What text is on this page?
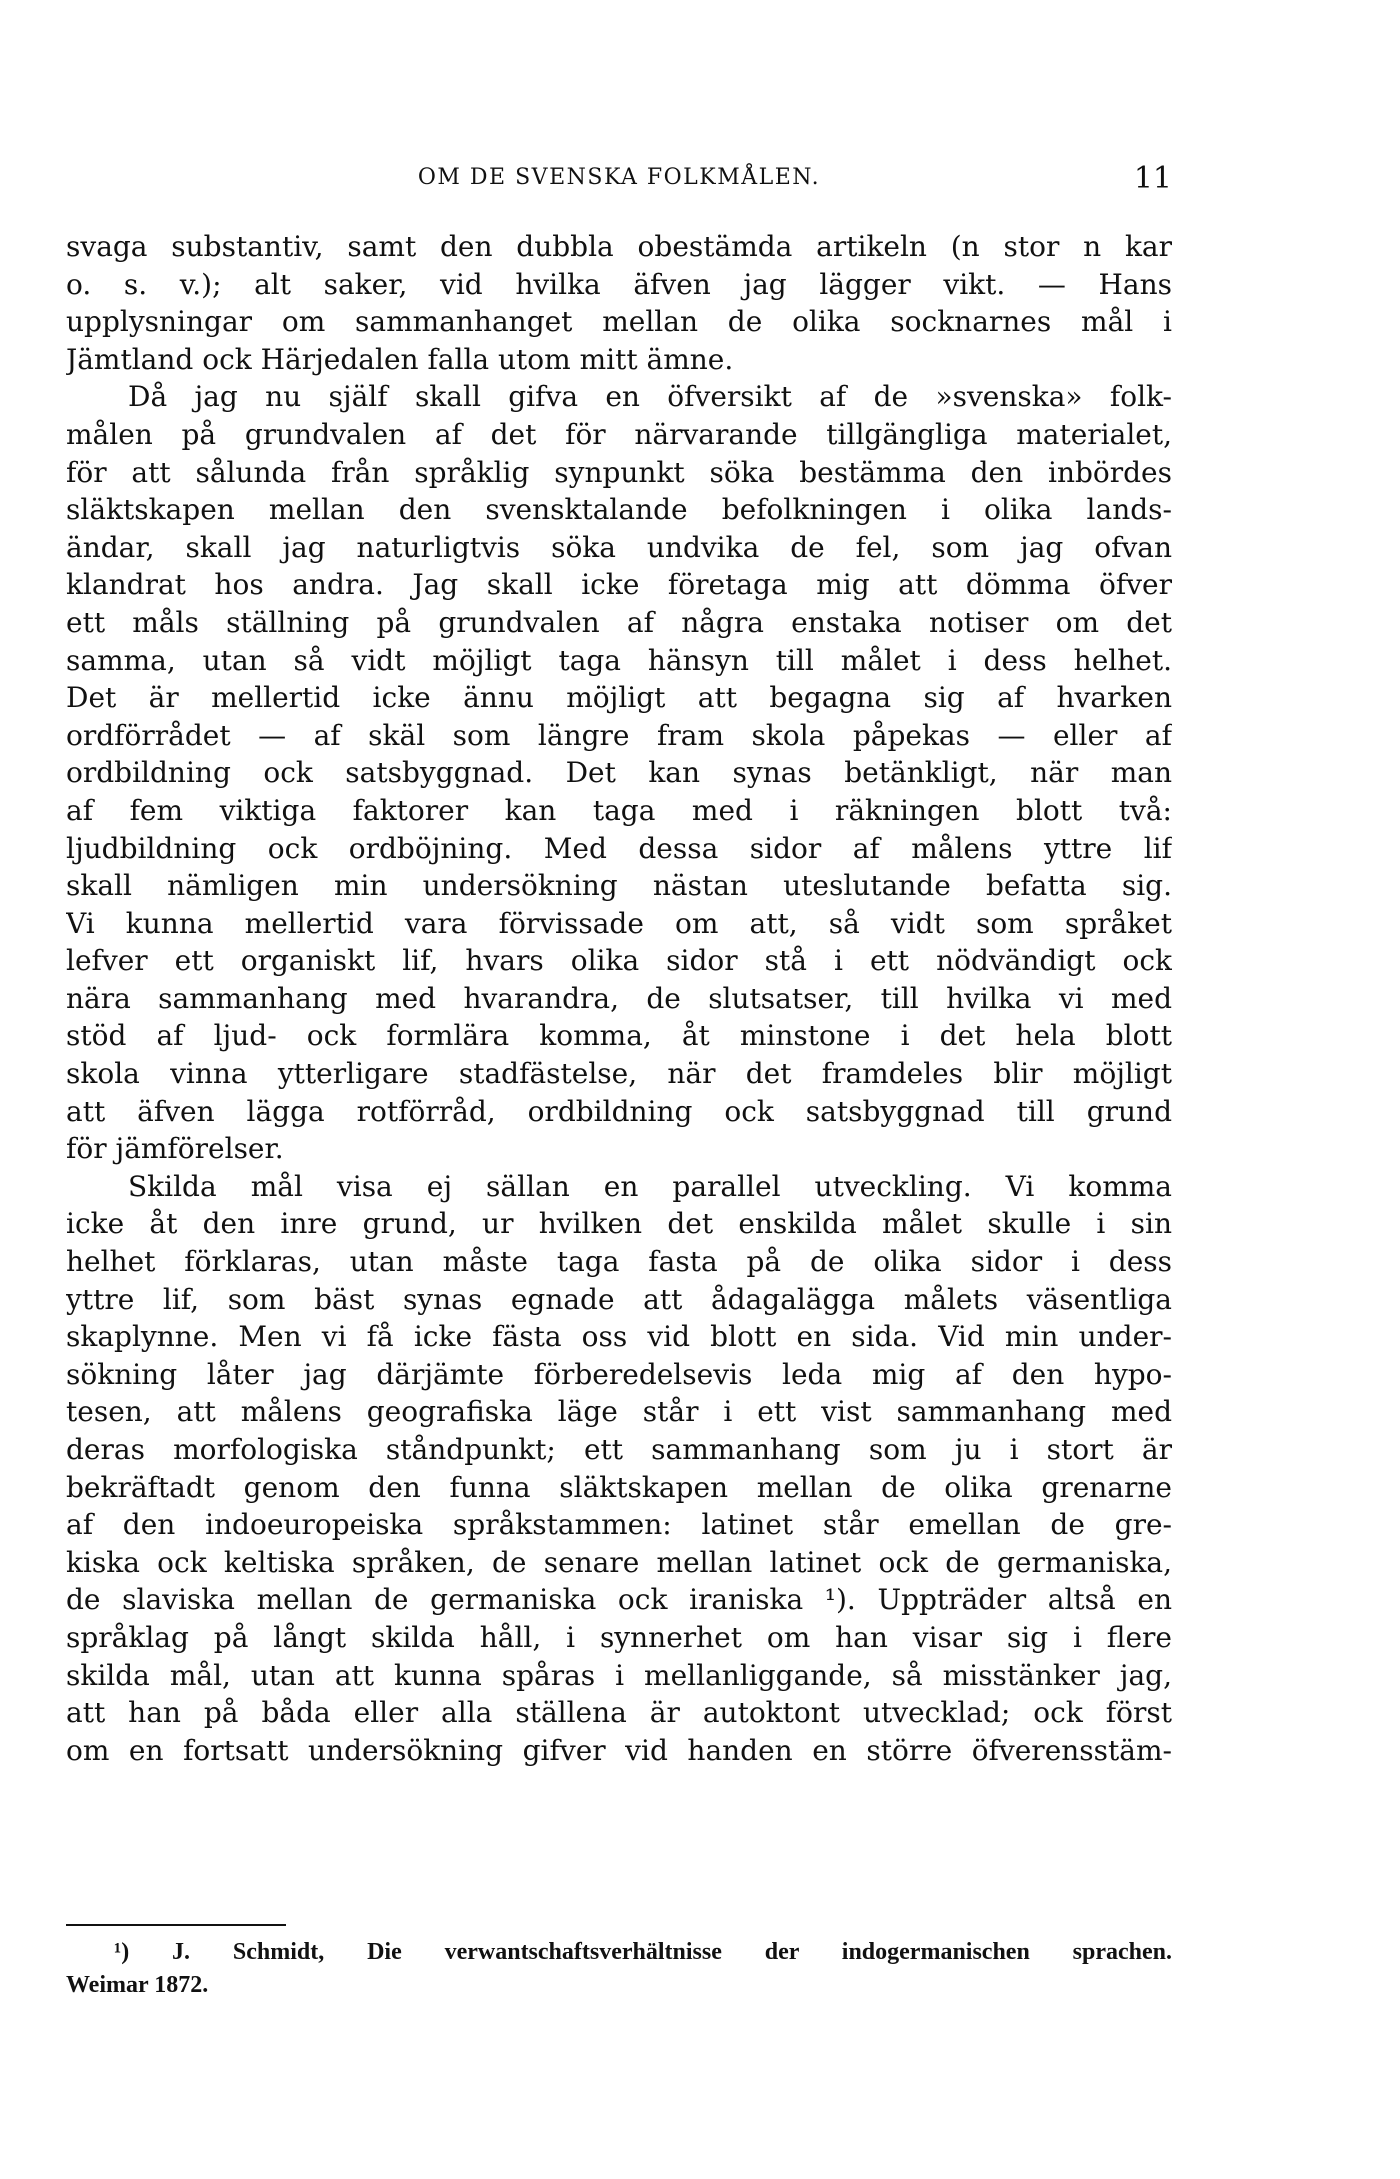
OM DE SVENSKA FOLKMÅLEN.	11
svaga substantiv, samt den dubbla obestämda artikeln (n stor n kar
o. s. v.); alt saker, vid hvilka äfven jag lägger vikt. — Hans
upplysningar om sammanhanget mellan de olika socknarnes mål i
Jämtland ock Härjedalen falla utom mitt ämne.
Då jag nu själf skall gifva en öfversikt af de »svenska» folk-
målen på grundvalen af det för närvarande tillgängliga materialet,
för att sålunda från språklig synpunkt söka bestämma den inbördes
släktskapen mellan den svensktalande befolkningen i olika lands-
ändar, skall jag naturligtvis söka undvika de fel, som jag ofvan
klandrat hos andra. Jag skall icke företaga mig att dömma öfver
ett måls ställning på grundvalen af några enstaka notiser om det
samma, utan så vidt möjligt taga hänsyn till målet i dess helhet.
Det är mellertid icke ännu möjligt att begagna sig af hvarken
ordförrådet — af skäl som längre fram skola påpekas — eller af
ordbildning ock satsbyggnad. Det kan synas betänkligt, när man
af fem viktiga faktorer kan taga med i räkningen blott två:
ljudbildning ock ordböjning. Med dessa sidor af målens yttre lif
skall nämligen min undersökning nästan uteslutande befatta sig.
Vi kunna mellertid vara förvissade om att, så vidt som språket
lefver ett organiskt lif, hvars olika sidor stå i ett nödvändigt ock
nära sammanhang med hvarandra, de slutsatser, till hvilka vi med
stöd af ljud- ock formlära komma, åt minstone i det hela blott
skola vinna ytterligare stadfästelse, när det framdeles blir möjligt
att äfven lägga rotförråd, ordbildning ock satsbyggnad till grund
för jämförelser.
Skilda mål visa ej sällan en parallel utveckling. Vi komma
icke åt den inre grund, ur hvilken det enskilda målet skulle i sin
helhet förklaras, utan måste taga fasta på de olika sidor i dess
yttre lif, som bäst synas egnade att ådagalägga målets väsentliga
skaplynne. Men vi få icke fästa oss vid blott en sida. Vid min under-
sökning låter jag därjämte förberedelsevis leda mig af den hypo-
tesen, att målens geografiska läge står i ett vist sammanhang med
deras morfologiska ståndpunkt; ett sammanhang som ju i stort är
bekräftadt genom den funna släktskapen mellan de olika grenarne
af den indoeuropeiska språkstammen: latinet står emellan de gre-
kiska ock keltiska språken, de senare mellan latinet ock de germaniska,
de slaviska mellan de germaniska ock iraniska ¹). Uppträder altså en
språklag på långt skilda håll, i synnerhet om han visar sig i flere
skilda mål, utan att kunna spåras i mellanliggande, så misstänker jag,
att han på båda eller alla ställena är autoktont utvecklad; ock först
om en fortsatt undersökning gifver vid handen en större öfverensstäm-
¹) J. Schmidt, Die verwantschaftsverhältnisse der indogermanischen sprachen.
Weimar 1872.
